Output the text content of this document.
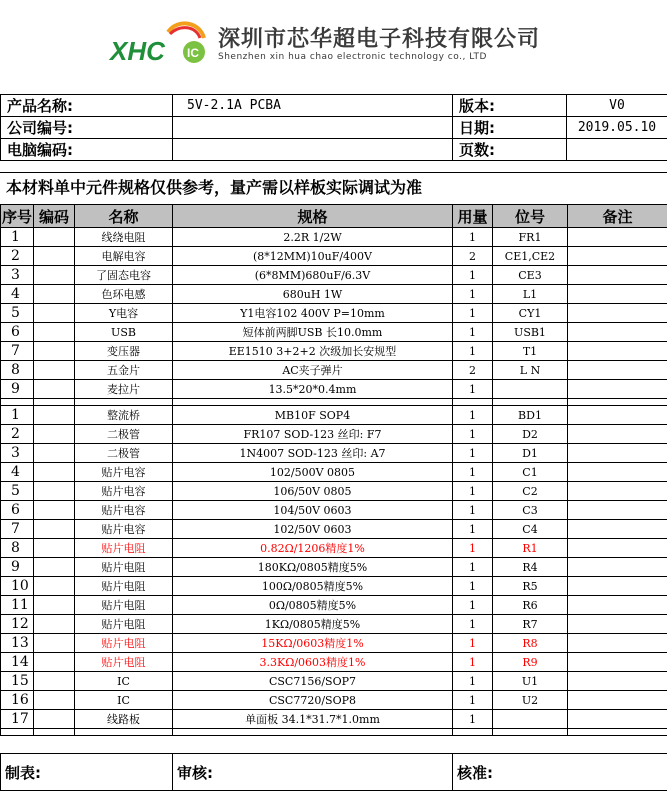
XHC IC
深圳市芯华超电子科技有限公司
Shenzhen xin hua chao electronic technology co., LTD
产品名称:	5V-2.1A PCBA	版本:	V0
公司编号:		日期:	2019.05.10
电脑编码:		页数:	
本材料单中元件规格仅供参考，量产需以样板实际调试为准
序号	编码	名称	规格	用量	位号	备注
1		线绕电阻	2.2R 1/2W	1	FR1	
2		电解电容	(8*12MM)10uF/400V	2	CE1,CE2	
3		了固态电容	(6*8MM)680uF/6.3V	1	CE3	
4		色环电感	680uH 1W	1	L1	
5		Y电容	Y1电容102 400V P=10mm	1	CY1	
6		USB	短体前两脚USB 长10.0mm	1	USB1	
7		变压器	EE1510 3+2+2 次级加长安规型	1	T1	
8		五金片	AC夹子弹片	2	L N	
9		麦拉片	13.5*20*0.4mm	1		

1		整流桥	MB10F SOP4	1	BD1	
2		二极管	FR107 SOD-123 丝印: F7	1	D2	
3		二极管	1N4007 SOD-123 丝印: A7	1	D1	
4		贴片电容	102/500V 0805	1	C1	
5		贴片电容	106/50V 0805	1	C2	
6		贴片电容	104/50V 0603	1	C3	
7		贴片电容	102/50V 0603	1	C4	
8		贴片电阻	0.82Ω/1206精度1%	1	R1	
9		贴片电阻	180KΩ/0805精度5%	1	R4	
10		贴片电阻	100Ω/0805精度5%	1	R5	
11		贴片电阻	0Ω/0805精度5%	1	R6	
12		贴片电阻	1KΩ/0805精度5%	1	R7	
13		贴片电阻	15KΩ/0603精度1%	1	R8	
14		贴片电阻	3.3KΩ/0603精度1%	1	R9	
15		IC	CSC7156/SOP7	1	U1	
16		IC	CSC7720/SOP8	1	U2	
17		线路板	单面板 34.1*31.7*1.0mm	1		

制表:	审核:	核准:
